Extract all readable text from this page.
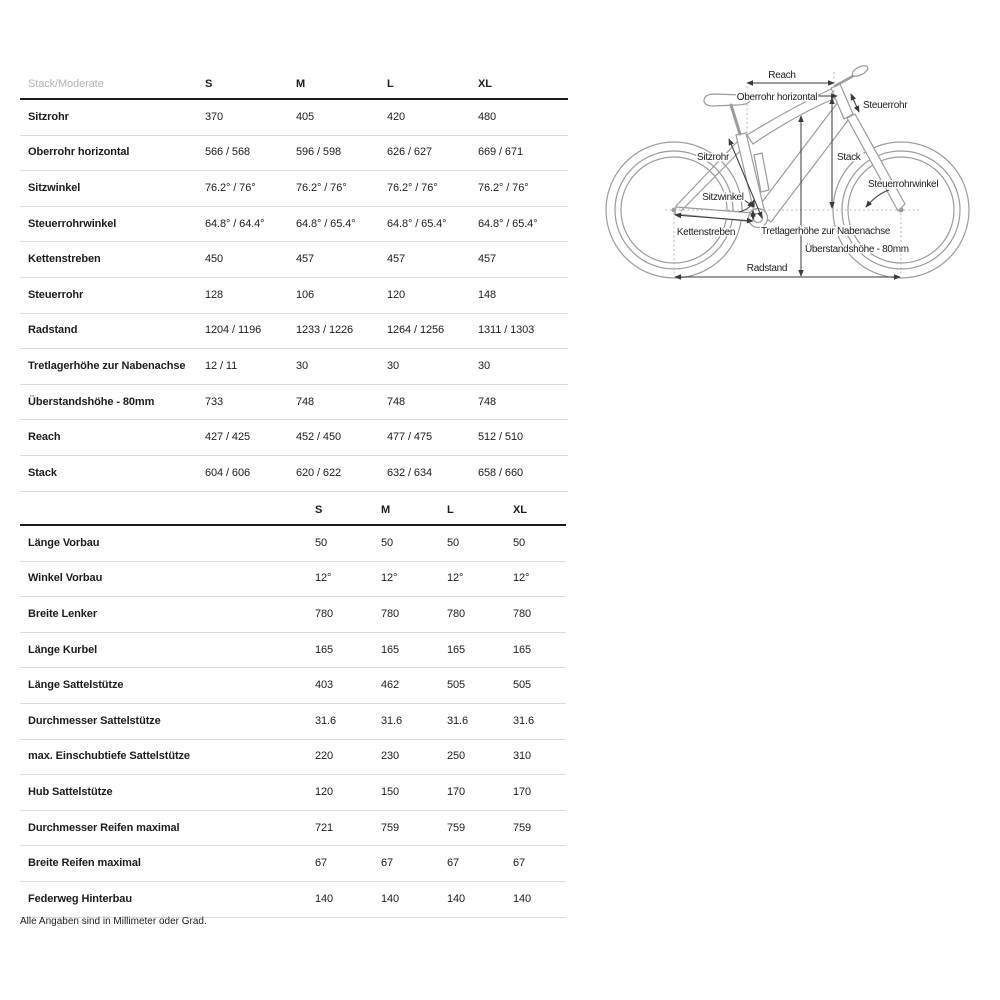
Stack/Moderate	S	M	L	XL
Sitzrohr	370	405	420	480
Oberrohr horizontal	566 / 568	596 / 598	626 / 627	669 / 671
Sitzwinkel	76.2° / 76°	76.2° / 76°	76.2° / 76°	76.2° / 76°
Steuerrohrwinkel	64.8° / 64.4°	64.8° / 65.4°	64.8° / 65.4°	64.8° / 65.4°
Kettenstreben	450	457	457	457
Steuerrohr	128	106	120	148
Radstand	1204 / 1196	1233 / 1226	1264 / 1256	1311 / 1303
Tretlagerhöhe zur Nabenachse	12 / 11	30	30	30
Überstandshöhe - 80mm	733	748	748	748
Reach	427 / 425	452 / 450	477 / 475	512 / 510
Stack	604 / 606	620 / 622	632 / 634	658 / 660
	S	M	L	XL
Länge Vorbau	50	50	50	50
Winkel Vorbau	12°	12°	12°	12°
Breite Lenker	780	780	780	780
Länge Kurbel	165	165	165	165
Länge Sattelstütze	403	462	505	505
Durchmesser Sattelstütze	31.6	31.6	31.6	31.6
max. Einschubtiefe Sattelstütze	220	230	250	310
Hub Sattelstütze	120	150	170	170
Durchmesser Reifen maximal	721	759	759	759
Breite Reifen maximal	67	67	67	67
Federweg Hinterbau	140	140	140	140
Alle Angaben sind in Millimeter oder Grad.
Reach
Oberrohr horizontal
Steuerrohr
Sitzrohr	Stack
Steuerrohrwinkel
Sitzwinkel
Kettenstreben	Tretlagerhöhe zur Nabenachse
Überstandshöhe - 80mm
Radstand
